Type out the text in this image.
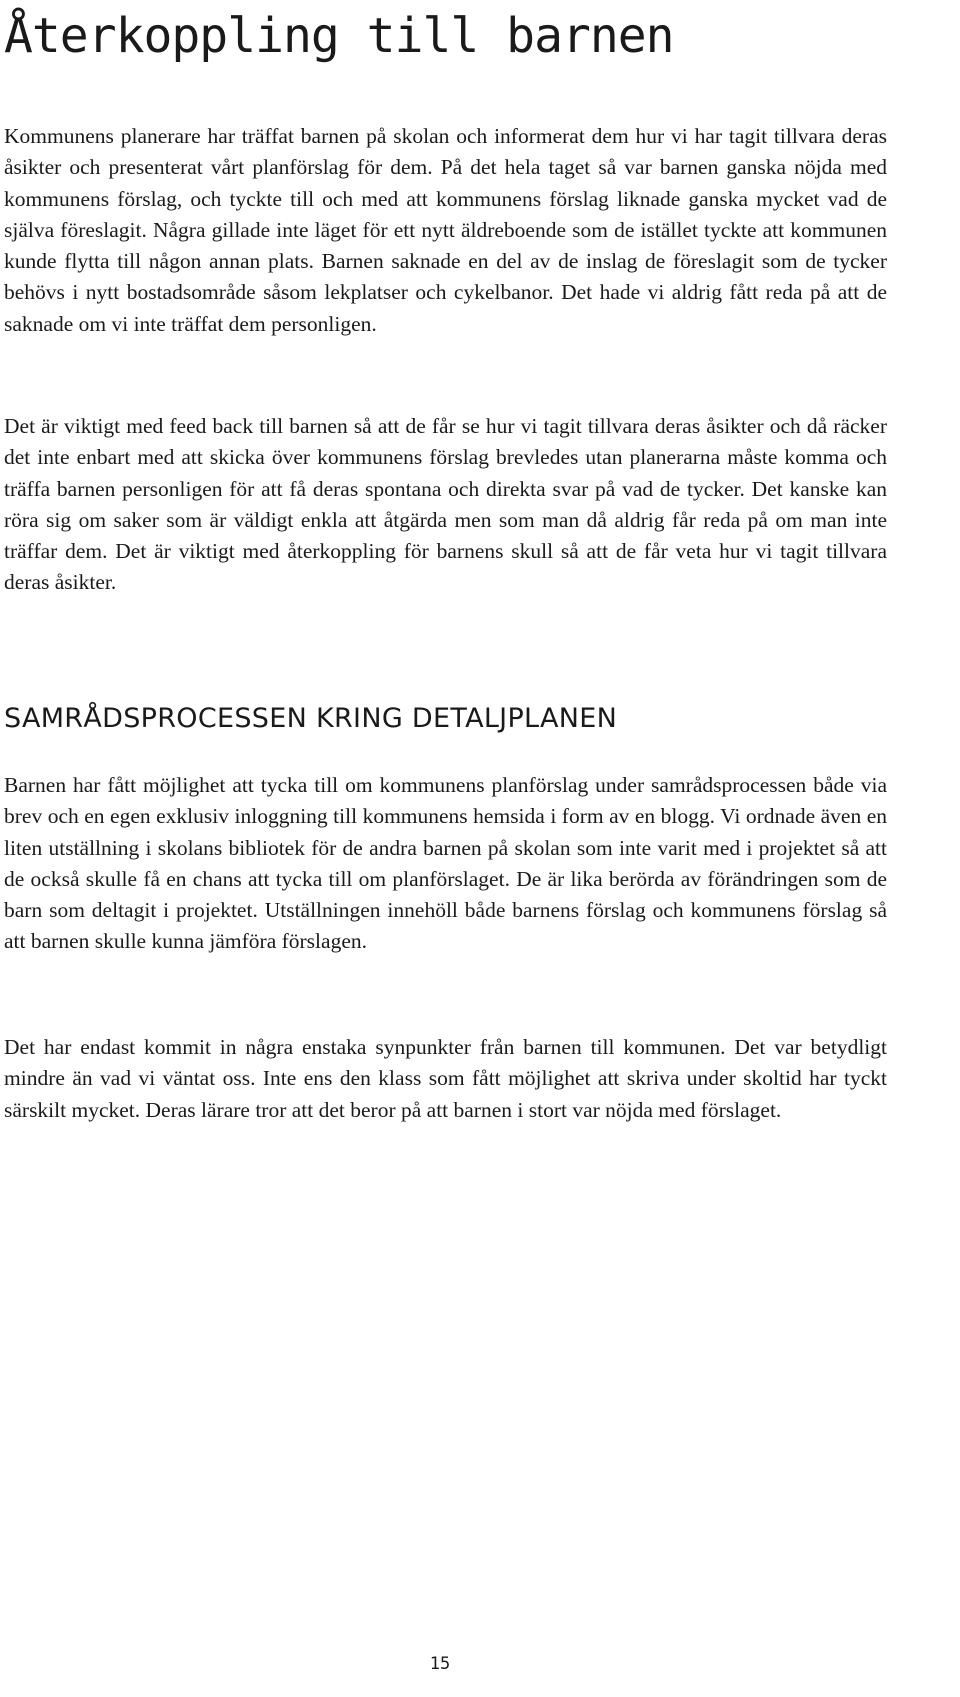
Återkoppling till barnen

Kommunens planerare har träffat barnen på skolan och informerat dem hur vi har tagit tillvara deras åsikter och presenterat vårt planförslag för dem. På det hela taget så var barnen ganska nöjda med kommunens förslag, och tyckte till och med att kommunens förslag liknade ganska mycket vad de själva föreslagit. Några gillade inte läget för ett nytt äldreboende som de istället tyckte att kommunen kunde flytta till någon annan plats. Barnen saknade en del av de inslag de föreslagit som de tycker behövs i nytt bostadsområde såsom lekplatser och cykelbanor. Det hade vi aldrig fått reda på att de saknade om vi inte träffat dem personligen.

Det är viktigt med feed back till barnen så att de får se hur vi tagit tillvara deras åsikter och då räcker det inte enbart med att skicka över kommunens förslag brevledes utan planerarna måste komma och träffa barnen personligen för att få deras spontana och direkta svar på vad de tycker. Det kanske kan röra sig om saker som är väldigt enkla att åtgärda men som man då aldrig får reda på om man inte träffar dem. Det är viktigt med återkoppling för barnens skull så att de får veta hur vi tagit tillvara deras åsikter.

SAMRÅDSPROCESSEN KRING DETALJPLANEN

Barnen har fått möjlighet att tycka till om kommunens planförslag under samrådsprocessen både via brev och en egen exklusiv inloggning till kommunens hemsida i form av en blogg. Vi ordnade även en liten utställning i skolans bibliotek för de andra barnen på skolan som inte varit med i projektet så att de också skulle få en chans att tycka till om planförslaget. De är lika berörda av förändringen som de barn som deltagit i projektet. Utställningen innehöll både barnens förslag och kommunens förslag så att barnen skulle kunna jämföra förslagen.

Det har endast kommit in några enstaka synpunkter från barnen till kommunen. Det var betydligt mindre än vad vi väntat oss. Inte ens den klass som fått möjlighet att skriva under skoltid har tyckt särskilt mycket. Deras lärare tror att det beror på att barnen i stort var nöjda med förslaget.

15
